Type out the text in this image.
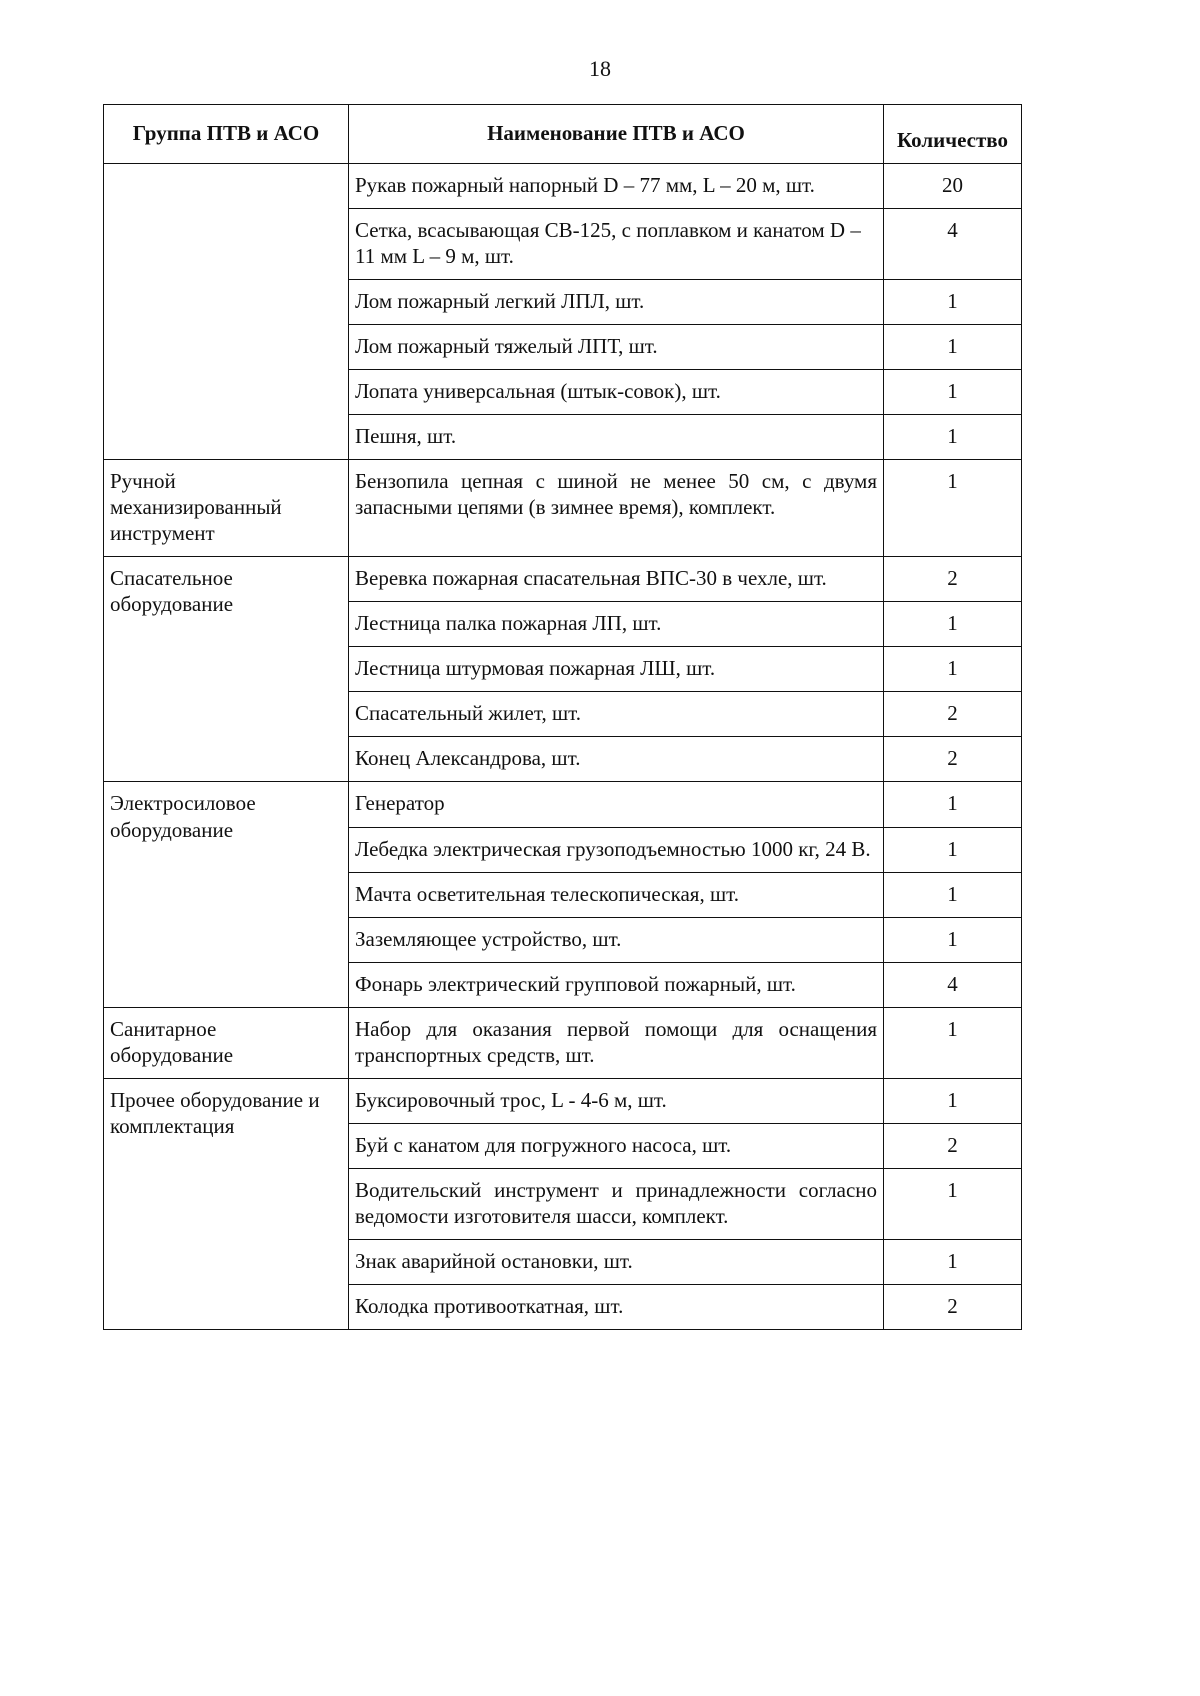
18
Группа ПТВ и АСО	Наименование ПТВ и АСО	Количество
	Рукав пожарный напорный D – 77 мм, L – 20 м, шт.	20
	Сетка, всасывающая СВ-125, с поплавком и канатом D – 11 мм L – 9 м, шт.	4
	Лом пожарный легкий ЛПЛ, шт.	1
	Лом пожарный тяжелый ЛПТ, шт.	1
	Лопата универсальная (штык-совок), шт.	1
	Пешня, шт.	1
Ручной механизированный инструмент	Бензопила цепная с шиной не менее 50 см, с двумя запасными цепями (в зимнее время), комплект.	1
Спасательное оборудование	Веревка пожарная спасательная ВПС-30 в чехле, шт.	2
	Лестница палка пожарная ЛП, шт.	1
	Лестница штурмовая пожарная ЛШ, шт.	1
	Спасательный жилет, шт.	2
	Конец Александрова, шт.	2
Электросиловое оборудование	Генератор	1
	Лебедка электрическая грузоподъемностью 1000 кг, 24 В.	1
	Мачта осветительная телескопическая, шт.	1
	Заземляющее устройство, шт.	1
	Фонарь электрический групповой пожарный, шт.	4
Санитарное оборудование	Набор для оказания первой помощи для оснащения транспортных средств, шт.	1
Прочее оборудование и комплектация	Буксировочный трос, L - 4-6 м, шт.	1
	Буй с канатом для погружного насоса, шт.	2
	Водительский инструмент и принадлежности согласно ведомости изготовителя шасси, комплект.	1
	Знак аварийной остановки, шт.	1
	Колодка противооткатная, шт.	2
